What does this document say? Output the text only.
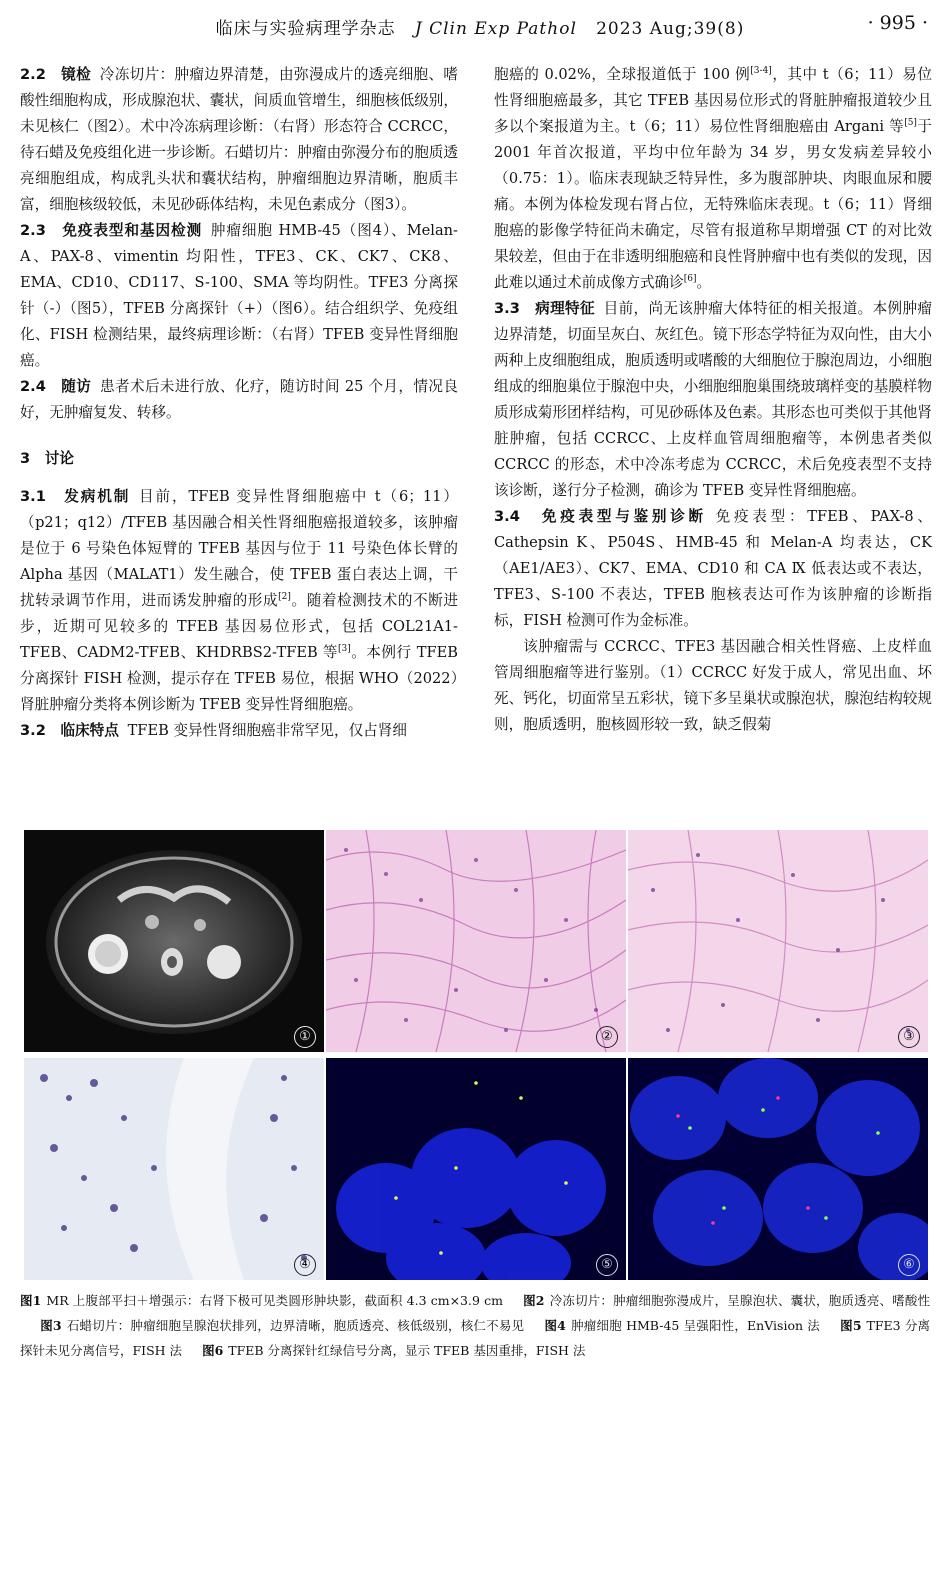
临床与实验病理学杂志 J Clin Exp Pathol 2023 Aug;39(8)	· 995 ·

2.2　镜检 冷冻切片：肿瘤边界清楚，由弥漫成片的透亮细胞、嗜酸性细胞构成，形成腺泡状、囊状，间质血管增生，细胞核低级别，未见核仁（图2）。术中冷冻病理诊断：（右肾）形态符合 CCRCC，待石蜡及免疫组化进一步诊断。石蜡切片：肿瘤由弥漫分布的胞质透亮细胞组成，构成乳头状和囊状结构，肿瘤细胞边界清晰，胞质丰富，细胞核级较低，未见砂砾体结构，未见色素成分（图3）。

2.3　免疫表型和基因检测 肿瘤细胞 HMB-45（图4）、Melan-A、PAX-8、vimentin 均阳性，TFE3、CK、CK7、CK8、EMA、CD10、CD117、S-100、SMA 等均阴性。TFE3 分离探针（-）（图5），TFEB 分离探针（+）（图6）。结合组织学、免疫组化、FISH 检测结果，最终病理诊断：（右肾）TFEB 变异性肾细胞癌。

2.4　随访 患者术后未进行放、化疗，随访时间 25 个月，情况良好，无肿瘤复发、转移。

3　讨论

3.1　发病机制 目前，TFEB 变异性肾细胞癌中 t（6；11）（p21；q12）/TFEB 基因融合相关性肾细胞癌报道较多，该肿瘤是位于 6 号染色体短臂的 TFEB 基因与位于 11 号染色体长臂的 Alpha 基因（MALAT1）发生融合，使 TFEB 蛋白表达上调，干扰转录调节作用，进而诱发肿瘤的形成[2]。随着检测技术的不断进步，近期可见较多的 TFEB 基因易位形式，包括 COL21A1-TFEB、CADM2-TFEB、KHDRBS2-TFEB 等[3]。本例行 TFEB 分离探针 FISH 检测，提示存在 TFEB 易位，根据 WHO（2022）肾脏肿瘤分类将本例诊断为 TFEB 变异性肾细胞癌。

3.2　临床特点 TFEB 变异性肾细胞癌非常罕见，仅占肾细

胞癌的 0.02%，全球报道低于 100 例[3-4]，其中 t（6；11）易位性肾细胞癌最多，其它 TFEB 基因易位形式的肾脏肿瘤报道较少且多以个案报道为主。t（6；11）易位性肾细胞癌由 Argani 等[5]于 2001 年首次报道，平均中位年龄为 34 岁，男女发病差异较小（0.75：1）。临床表现缺乏特异性，多为腹部肿块、肉眼血尿和腰痛。本例为体检发现右肾占位，无特殊临床表现。t（6；11）肾细胞癌的影像学特征尚未确定，尽管有报道称早期增强 CT 的对比效果较差，但由于在非透明细胞癌和良性肾肿瘤中也有类似的发现，因此难以通过术前成像方式确诊[6]。

3.3　病理特征 目前，尚无该肿瘤大体特征的相关报道。本例肿瘤边界清楚，切面呈灰白、灰红色。镜下形态学特征为双向性，由大小两种上皮细胞组成，胞质透明或嗜酸的大细胞位于腺泡周边，小细胞组成的细胞巢位于腺泡中央，小细胞细胞巢围绕玻璃样变的基膜样物质形成菊形团样结构，可见砂砾体及色素。其形态也可类似于其他肾脏肿瘤，包括 CCRCC、上皮样血管周细胞瘤等，本例患者类似 CCRCC 的形态，术中冷冻考虑为 CCRCC，术后免疫表型不支持该诊断，遂行分子检测，确诊为 TFEB 变异性肾细胞癌。

3.4　免疫表型与鉴别诊断 免疫表型：TFEB、PAX-8、Cathepsin K、P504S、HMB-45 和 Melan-A 均表达，CK（AE1/AE3）、CK7、EMA、CD10 和 CA Ⅸ 低表达或不表达，TFE3、S-100 不表达，TFEB 胞核表达可作为该肿瘤的诊断指标，FISH 检测可作为金标准。

该肿瘤需与 CCRCC、TFE3 基因融合相关性肾癌、上皮样血管周细胞瘤等进行鉴别。（1）CCRCC 好发于成人，常见出血、坏死、钙化，切面常呈五彩状，镜下多呈巢状或腺泡状，腺泡结构较规则，胞质透明，胞核圆形较一致，缺乏假菊

①	②	③
④	⑤	⑥
图1 MR 上腹部平扫＋增强示：右肾下极可见类圆形肿块影，截面积 4.3 cm×3.9 cm 图2 冷冻切片：肿瘤细胞弥漫成片，呈腺泡状、囊状，胞质透亮、嗜酸性图3 石蜡切片：肿瘤细胞呈腺泡状排列，边界清晰，胞质透亮、核低级别，核仁不易见 图4 肿瘤细胞 HMB-45 呈强阳性，EnVision 法 图5 TFE3 分离探针未见分离信号，FISH 法 图6 TFEB 分离探针红绿信号分离，显示 TFEB 基因重排，FISH 法
